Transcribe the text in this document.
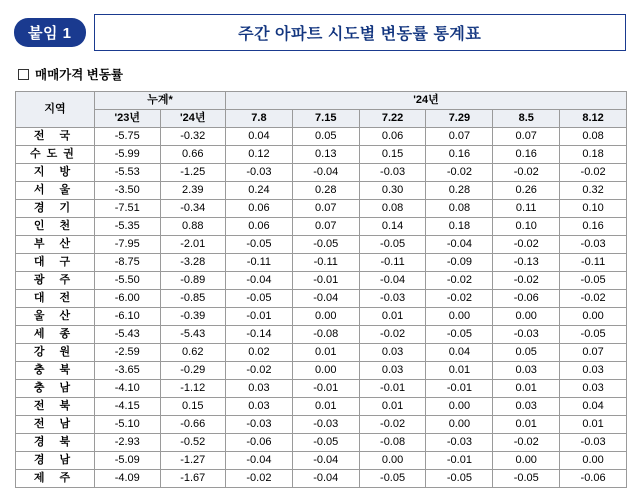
붙임 1	주간 아파트 시도별 변동률 통계표
매매가격 변동률
지역	누계*		'24년					
	'23년	'24년	7.8	7.15	7.22	7.29	8.5	8.12
전 국	-5.75	-0.32	0.04	0.05	0.06	0.07	0.07	0.08
수도권	-5.99	0.66	0.12	0.13	0.15	0.16	0.16	0.18
지 방	-5.53	-1.25	-0.03	-0.04	-0.03	-0.02	-0.02	-0.02
서 울	-3.50	2.39	0.24	0.28	0.30	0.28	0.26	0.32
경 기	-7.51	-0.34	0.06	0.07	0.08	0.08	0.11	0.10
인 천	-5.35	0.88	0.06	0.07	0.14	0.18	0.10	0.16
부 산	-7.95	-2.01	-0.05	-0.05	-0.05	-0.04	-0.02	-0.03
대 구	-8.75	-3.28	-0.11	-0.11	-0.11	-0.09	-0.13	-0.11
광 주	-5.50	-0.89	-0.04	-0.01	-0.04	-0.02	-0.02	-0.05
대 전	-6.00	-0.85	-0.05	-0.04	-0.03	-0.02	-0.06	-0.02
울 산	-6.10	-0.39	-0.01	0.00	0.01	0.00	0.00	0.00
세 종	-5.43	-5.43	-0.14	-0.08	-0.02	-0.05	-0.03	-0.05
강 원	-2.59	0.62	0.02	0.01	0.03	0.04	0.05	0.07
충 북	-3.65	-0.29	-0.02	0.00	0.03	0.01	0.03	0.03
충 남	-4.10	-1.12	0.03	-0.01	-0.01	-0.01	0.01	0.03
전 북	-4.15	0.15	0.03	0.01	0.01	0.00	0.03	0.04
전 남	-5.10	-0.66	-0.03	-0.03	-0.02	0.00	0.01	0.01
경 북	-2.93	-0.52	-0.06	-0.05	-0.08	-0.03	-0.02	-0.03
경 남	-5.09	-1.27	-0.04	-0.04	0.00	-0.01	0.00	0.00
제 주	-4.09	-1.67	-0.02	-0.04	-0.05	-0.05	-0.05	-0.06
